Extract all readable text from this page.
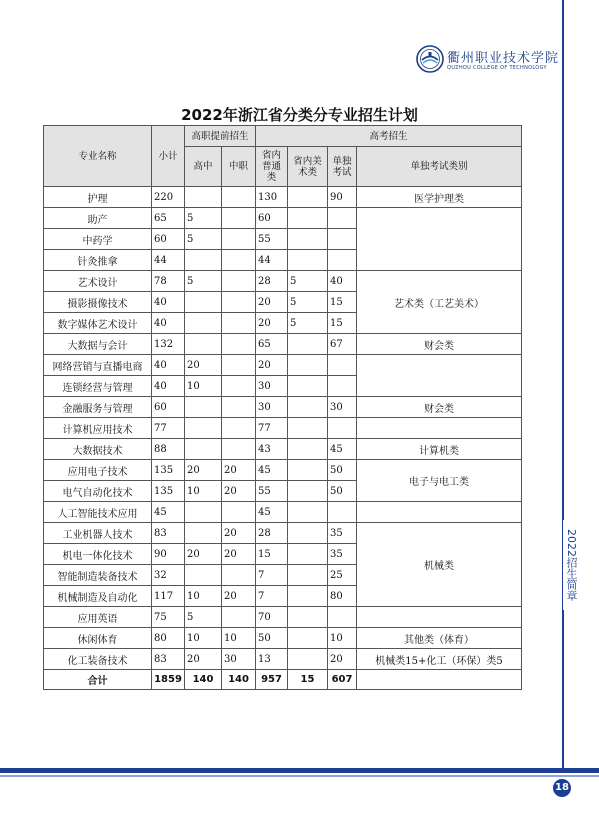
衢州职业技术学院
QUZHOU COLLEGE OF TECHNOLOGY
2022招生简章
2022年浙江省分类分专业招生计划
专业名称	小计	高职提前招生		高考招生			
		高中	中职	省内普通类	省内美术类	单独考试	单独考试类别
护理	220			130		90	医学护理类
助产	65	5		60			
中药学	60	5		55			
针灸推拿	44			44			
艺术设计	78	5		28	5	40	艺术类（工艺美术）
摄影摄像技术	40			20	5	15	
数字媒体艺术设计	40			20	5	15	
大数据与会计	132			65		67	财会类
网络营销与直播电商	40	20		20			
连锁经营与管理	40	10		30			
金融服务与管理	60			30		30	财会类
计算机应用技术	77			77			
大数据技术	88			43		45	计算机类
应用电子技术	135	20	20	45		50	电子与电工类
电气自动化技术	135	10	20	55		50	
人工智能技术应用	45			45			
工业机器人技术	83		20	28		35	机械类
机电一体化技术	90	20	20	15		35	
智能制造装备技术	32			7		25	
机械制造及自动化	117	10	20	7		80	
应用英语	75	5		70			
休闲体育	80	10	10	50		10	其他类（体育）
化工装备技术	83	20	30	13		20	机械类15+化工（环保）类5
合计	1859	140	140	957	15	607	
18
